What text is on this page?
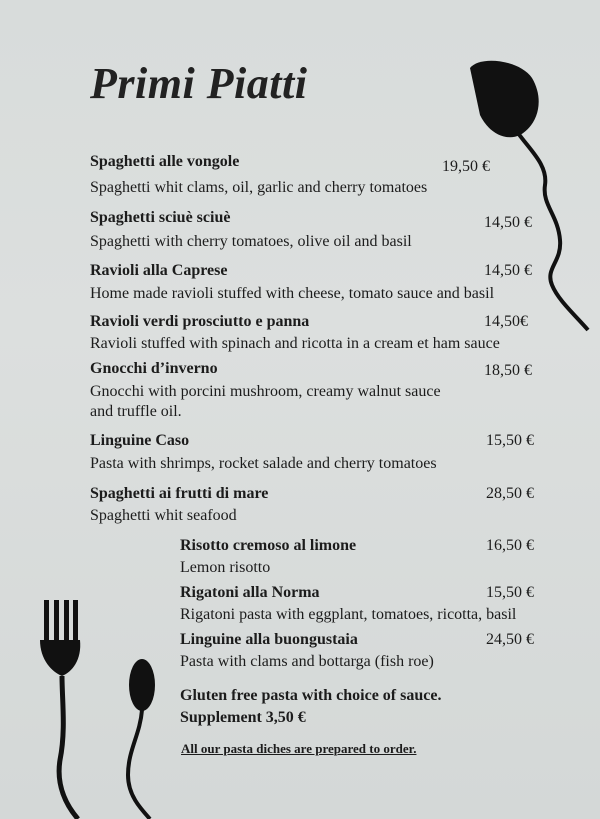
Primi Piatti
Spaghetti alle vongole	19,50 €
Spaghetti whit clams, oil, garlic and cherry tomatoes
Spaghetti sciuè sciuè	14,50 €
Spaghetti with cherry tomatoes, olive oil and basil
Ravioli alla Caprese	14,50 €
Home made ravioli stuffed with cheese, tomato sauce and basil
Ravioli verdi prosciutto e panna	14,50€
Ravioli stuffed with spinach and ricotta in a cream et ham sauce
Gnocchi d’inverno	18,50 €
Gnocchi with porcini mushroom, creamy walnut sauce
and truffle oil.
Linguine Caso	15,50 €
Pasta with shrimps, rocket salade and cherry tomatoes
Spaghetti ai frutti di mare	28,50 €
Spaghetti whit seafood
Risotto cremoso al limone	16,50 €
Lemon risotto
Rigatoni alla Norma	15,50 €
Rigatoni pasta with eggplant, tomatoes, ricotta, basil
Linguine alla buongustaia	24,50 €
Pasta with clams and bottarga (fish roe)
Gluten free pasta with choice of sauce.
Supplement 3,50 €
All our pasta diches are prepared to order.
